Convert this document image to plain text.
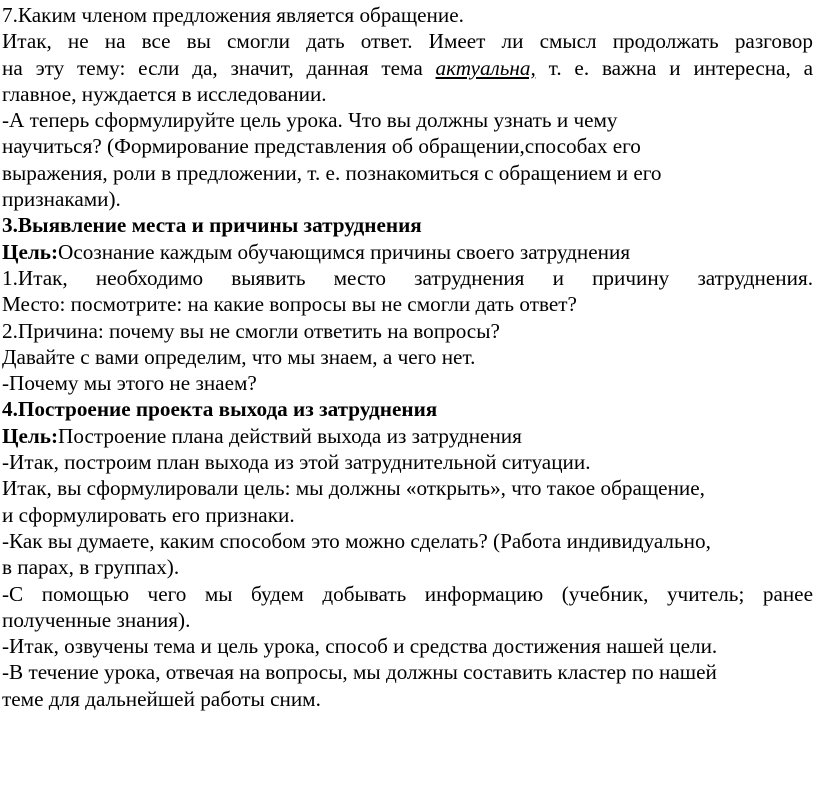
7.Каким членом предложения является обращение.

Итак, не на все вы смогли дать ответ. Имеет ли смысл продолжать разговор

на эту тему: если да, значит, данная тема актуальна, т. е. важна и интересна, а

главное, нуждается в исследовании.

-А теперь сформулируйте цель урока. Что вы должны узнать и чему

научиться? (Формирование представления об обращении,способах его

выражения, роли в предложении, т. е. познакомиться с обращением и его

признаками).

3.Выявление места и причины затруднения

Цель:Осознание каждым обучающимся причины своего затруднения

1.Итак, необходимо выявить место затруднения и причину затруднения.

Место: посмотрите: на какие вопросы вы не смогли дать ответ?

2.Причина: почему вы не смогли ответить на вопросы?

Давайте с вами определим, что мы знаем, а чего нет.

-Почему мы этого не знаем?

4.Построение проекта выхода из затруднения

Цель:Построение плана действий выхода из затруднения

-Итак, построим план выхода из этой затруднительной ситуации.

Итак, вы сформулировали цель: мы должны «открыть», что такое обращение,

и сформулировать его признаки.

-Как вы думаете, каким способом это можно сделать? (Работа индивидуально,

в парах, в группах).

-С помощью чего мы будем добывать информацию (учебник, учитель; ранее

полученные знания).

-Итак, озвучены тема и цель урока, способ и средства достижения нашей цели.

-В течение урока, отвечая на вопросы, мы должны составить кластер по нашей

теме для дальнейшей работы сним.
